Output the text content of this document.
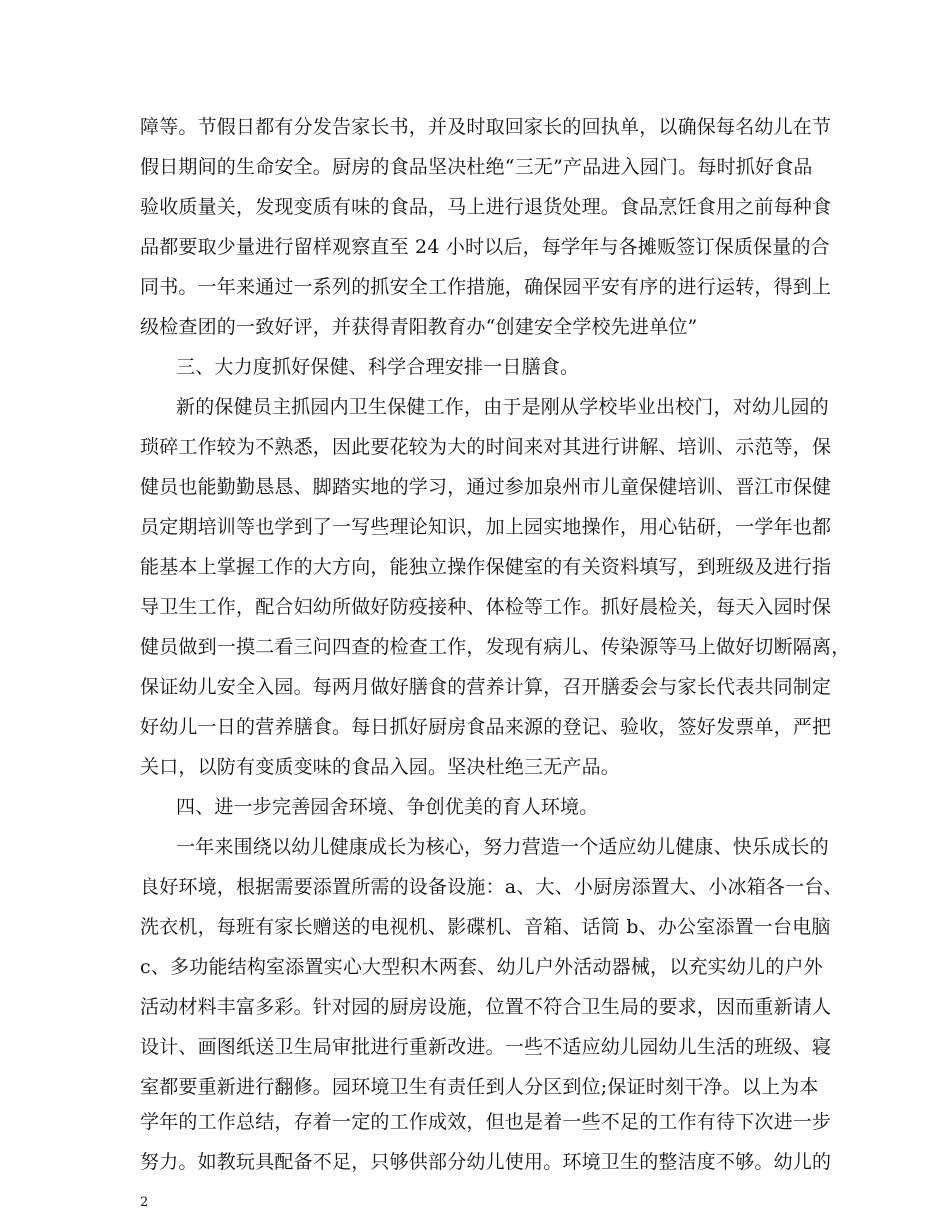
障等。节假日都有分发告家长书，并及时取回家长的回执单，以确保每名幼儿在节
假日期间的生命安全。厨房的食品坚决杜绝“三无”产品进入园门。每时抓好食品
验收质量关，发现变质有味的食品，马上进行退货处理。食品烹饪食用之前每种食
品都要取少量进行留样观察直至 24 小时以后，每学年与各摊贩签订保质保量的合
同书。一年来通过一系列的抓安全工作措施，确保园平安有序的进行运转，得到上
级检查团的一致好评，并获得青阳教育办“创建安全学校先进单位”
三、大力度抓好保健、科学合理安排一日膳食。
新的保健员主抓园内卫生保健工作，由于是刚从学校毕业出校门，对幼儿园的
琐碎工作较为不熟悉，因此要花较为大的时间来对其进行讲解、培训、示范等，保
健员也能勤勤恳恳、脚踏实地的学习，通过参加泉州市儿童保健培训、晋江市保健
员定期培训等也学到了一写些理论知识，加上园实地操作，用心钻研，一学年也都
能基本上掌握工作的大方向，能独立操作保健室的有关资料填写，到班级及进行指
导卫生工作，配合妇幼所做好防疫接种、体检等工作。抓好晨检关，每天入园时保
健员做到一摸二看三问四查的检查工作，发现有病儿、传染源等马上做好切断隔离，
保证幼儿安全入园。每两月做好膳食的营养计算，召开膳委会与家长代表共同制定
好幼儿一日的营养膳食。每日抓好厨房食品来源的登记、验收，签好发票单，严把
关口，以防有变质变味的食品入园。坚决杜绝三无产品。
四、进一步完善园舍环境、争创优美的育人环境。
一年来围绕以幼儿健康成长为核心，努力营造一个适应幼儿健康、快乐成长的
良好环境，根据需要添置所需的设备设施：a、大、小厨房添置大、小冰箱各一台、
洗衣机，每班有家长赠送的电视机、影碟机、音箱、话筒 b、办公室添置一台电脑
c、多功能结构室添置实心大型积木两套、幼儿户外活动器械，以充实幼儿的户外
活动材料丰富多彩。针对园的厨房设施，位置不符合卫生局的要求，因而重新请人
设计、画图纸送卫生局审批进行重新改进。一些不适应幼儿园幼儿生活的班级、寝
室都要重新进行翻修。园环境卫生有责任到人分区到位;保证时刻干净。以上为本
学年的工作总结，存着一定的工作成效，但也是着一些不足的工作有待下次进一步
努力。如教玩具配备不足，只够供部分幼儿使用。环境卫生的整洁度不够。幼儿的
2
